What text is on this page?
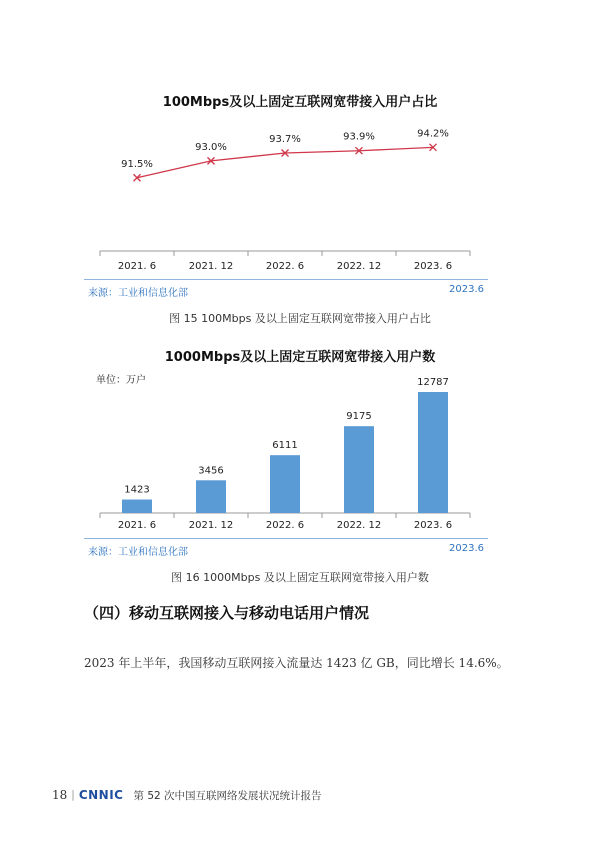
100Mbps及以上固定互联网宽带接入用户占比
2021. 6	2021. 12	2022. 6	2022. 12	2023. 6
91.5%
93.0%
93.7%	93.9%	94.2%
来源：工业和信息化部	2023.6
图 15 100Mbps 及以上固定互联网宽带接入用户占比
1000Mbps及以上固定互联网宽带接入用户数
单位：万户
2021. 6	2021. 12	2022. 6	2022. 12	2023. 6
1423
3456
6111
9175
12787
来源：工业和信息化部	2023.6
图 16 1000Mbps 及以上固定互联网宽带接入用户数
（四）移动互联网接入与移动电话用户情况
2023 年上半年，我国移动互联网接入流量达 1423 亿 GB，同比增长 14.6%。
18 | CNNIC 第 52 次中国互联网络发展状况统计报告
